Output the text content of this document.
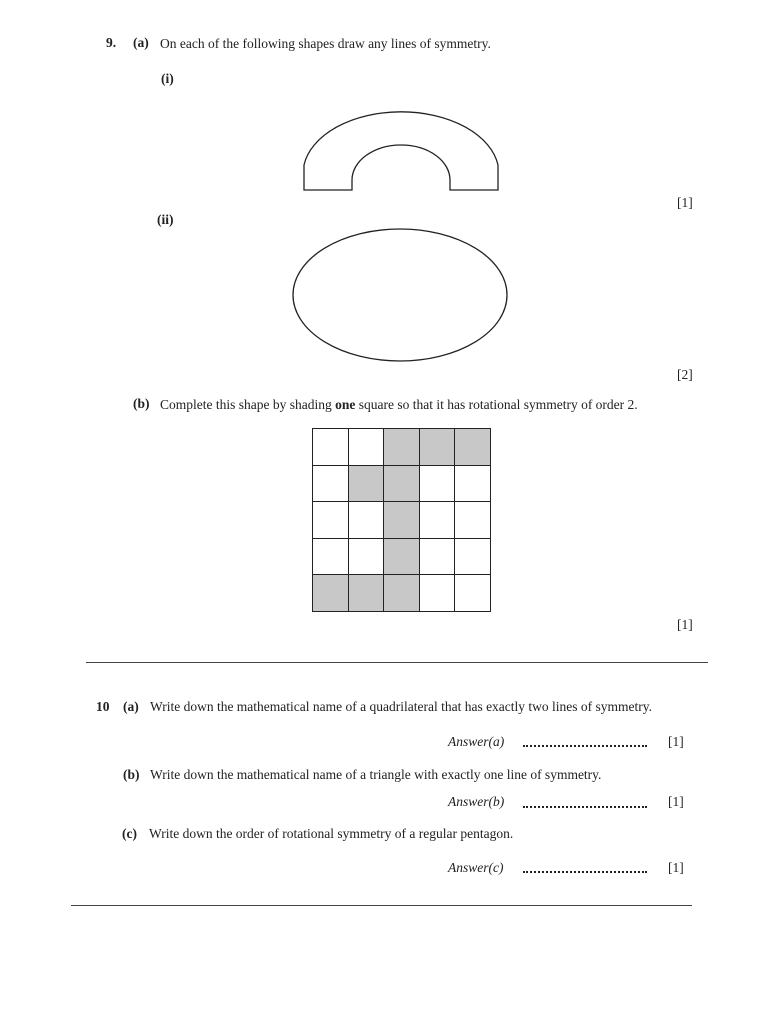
9. (a) On each of the following shapes draw any lines of symmetry.
(i)
[1]
(ii)
[2]
(b) Complete this shape by shading one square so that it has rotational symmetry of order 2.
[1]
10 (a) Write down the mathematical name of a quadrilateral that has exactly two lines of symmetry.
Answer(a)	[1]
(b) Write down the mathematical name of a triangle with exactly one line of symmetry.
Answer(b)	[1]
(c) Write down the order of rotational symmetry of a regular pentagon.
Answer(c)	[1]
